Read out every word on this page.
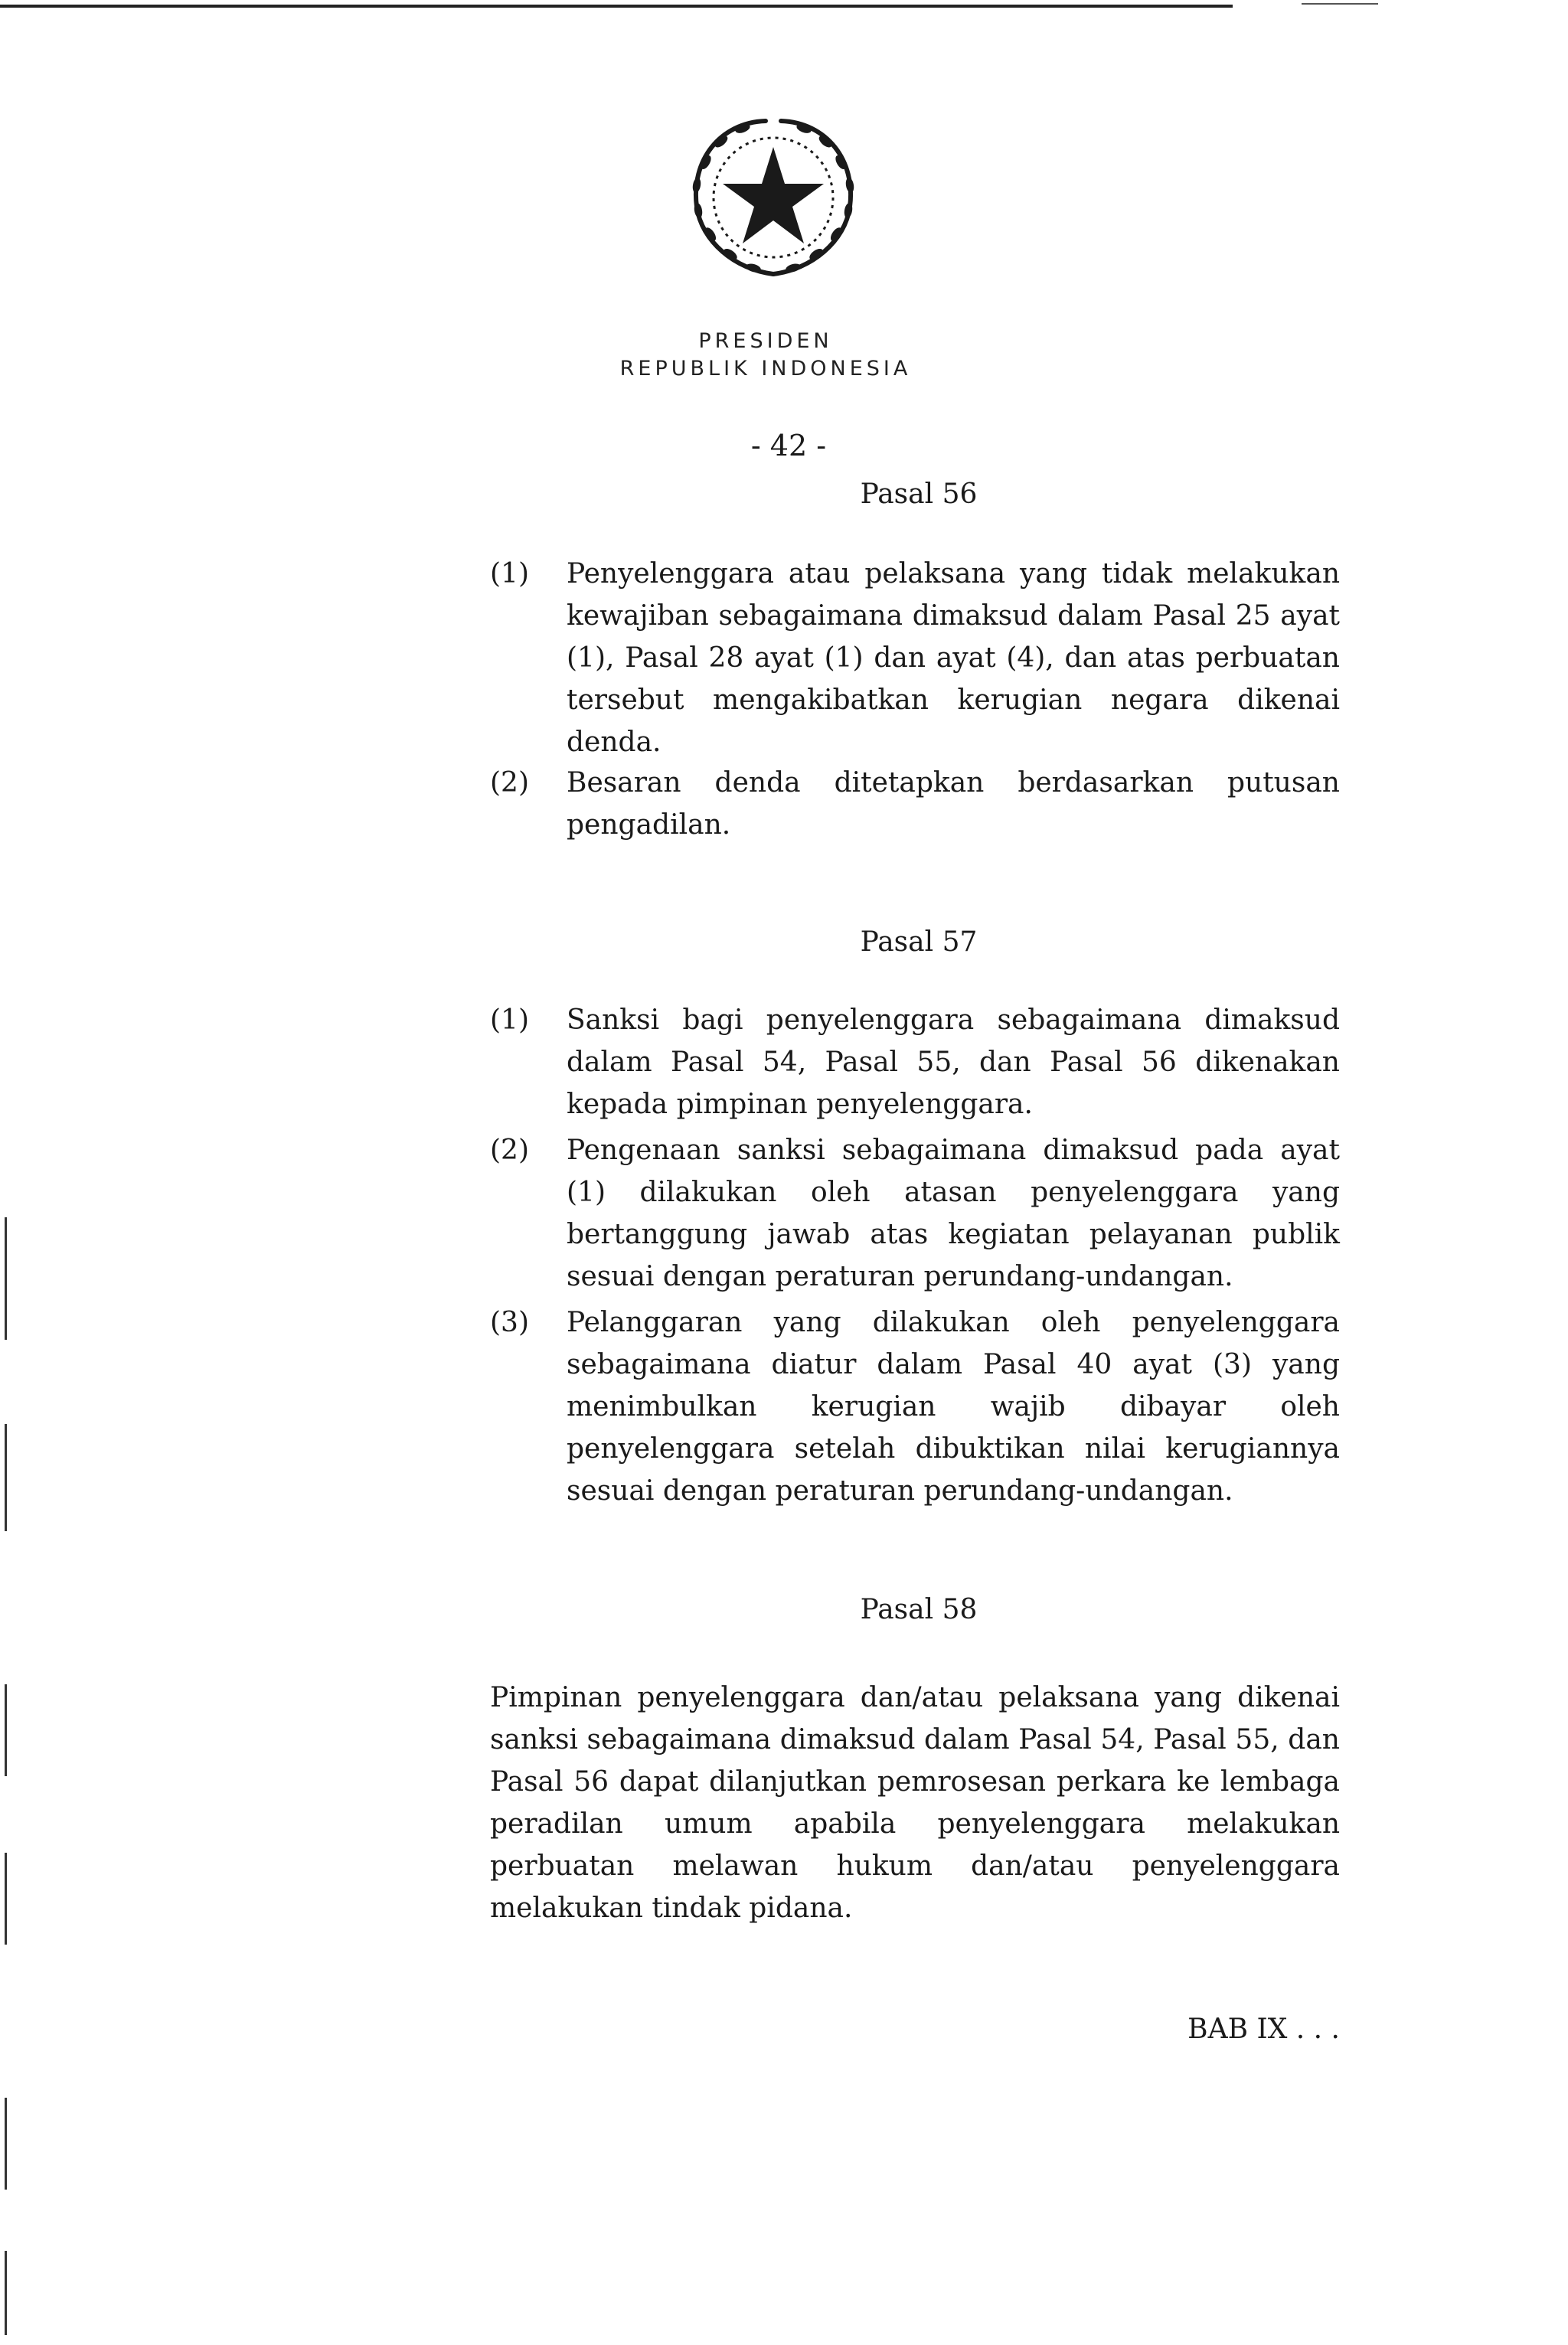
PRESIDEN
REPUBLIK INDONESIA
- 42 -
Pasal 56
(1)	Penyelenggara atau pelaksana yang tidak melakukan kewajiban sebagaimana dimaksud dalam Pasal 25 ayat (1), Pasal 28 ayat (1) dan ayat (4), dan atas perbuatan tersebut mengakibatkan kerugian negara dikenai denda.
(2)	Besaran denda ditetapkan berdasarkan putusan pengadilan.
Pasal 57
(1)	Sanksi bagi penyelenggara sebagaimana dimaksud dalam Pasal 54, Pasal 55, dan Pasal 56 dikenakan kepada pimpinan penyelenggara.
(2)	Pengenaan sanksi sebagaimana dimaksud pada ayat (1) dilakukan oleh atasan penyelenggara yang bertanggung jawab atas kegiatan pelayanan publik sesuai dengan peraturan perundang-undangan.
(3)	Pelanggaran yang dilakukan oleh penyelenggara sebagaimana diatur dalam Pasal 40 ayat (3) yang menimbulkan kerugian wajib dibayar oleh penyelenggara setelah dibuktikan nilai kerugiannya sesuai dengan peraturan perundang-undangan.
Pasal 58
Pimpinan penyelenggara dan/atau pelaksana yang dikenai sanksi sebagaimana dimaksud dalam Pasal 54, Pasal 55, dan Pasal 56 dapat dilanjutkan pemrosesan perkara ke lembaga peradilan umum apabila penyelenggara melakukan perbuatan melawan hukum dan/atau penyelenggara melakukan tindak pidana.
BAB IX . . .
